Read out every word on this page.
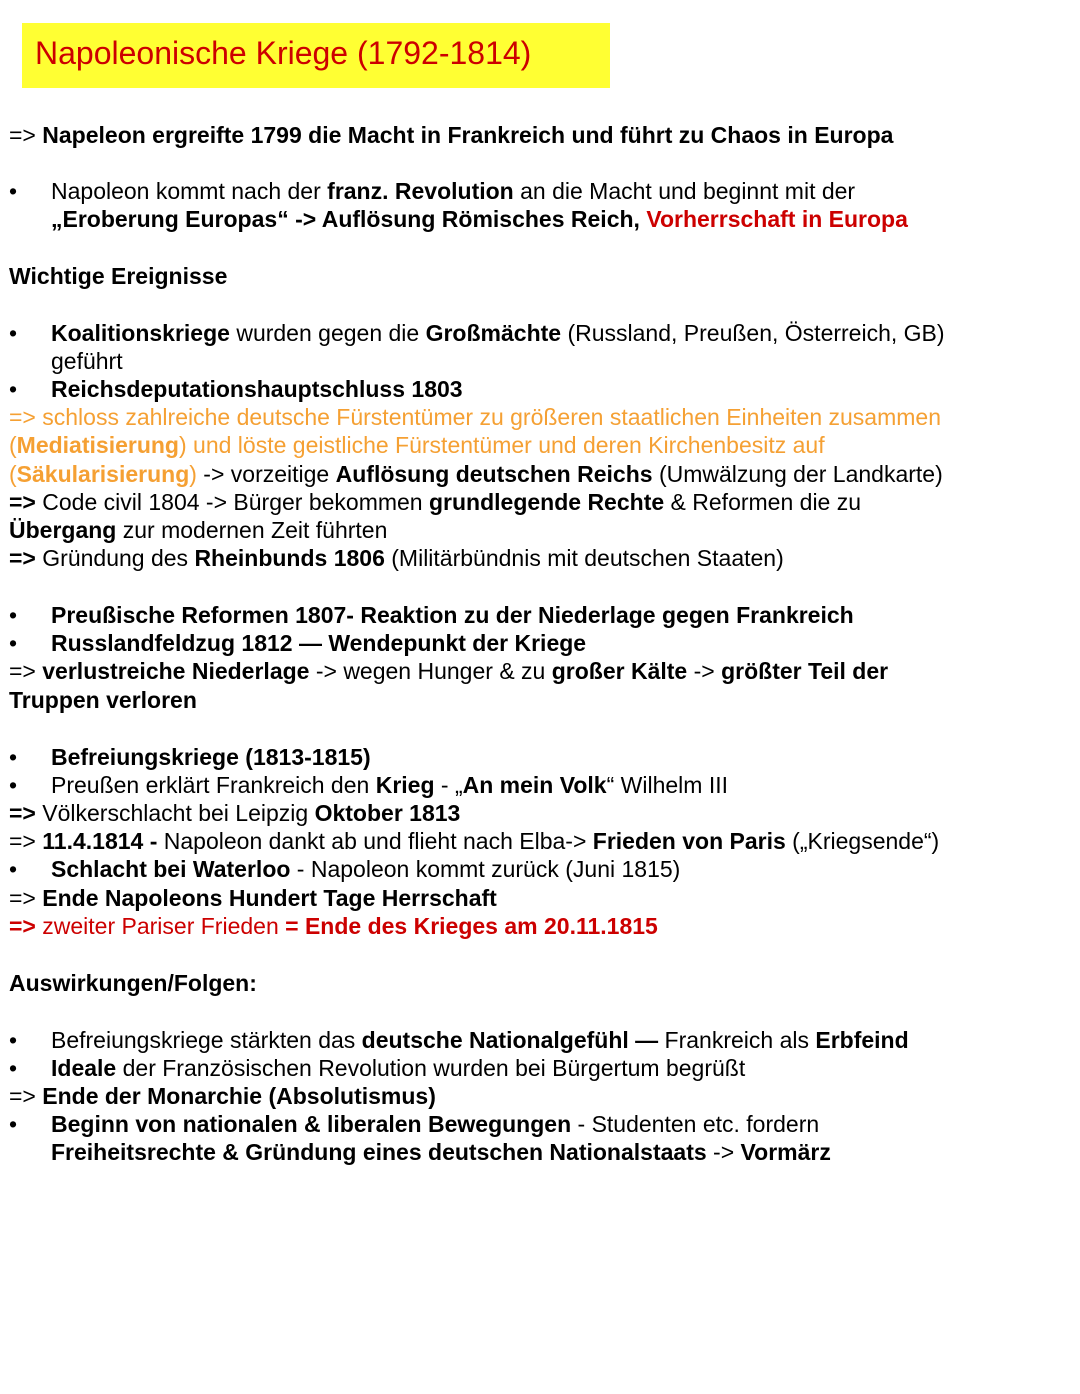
Napoleonische Kriege (1792-1814)
=> Napeleon ergreifte 1799 die Macht in Frankreich und führt zu Chaos in Europa
• Napoleon kommt nach der franz. Revolution an die Macht und beginnt mit der
„Eroberung Europas“ -> Auflösung Römisches Reich, Vorherrschaft in Europa
Wichtige Ereignisse
• Koalitionskriege wurden gegen die Großmächte (Russland, Preußen, Österreich, GB)
geführt
• Reichsdeputationshauptschluss 1803
=> schloss zahlreiche deutsche Fürstentümer zu größeren staatlichen Einheiten zusammen
(Mediatisierung) und löste geistliche Fürstentümer und deren Kirchenbesitz auf
(Säkularisierung) -> vorzeitige Auflösung deutschen Reichs (Umwälzung der Landkarte)
=> Code civil 1804 -> Bürger bekommen grundlegende Rechte & Reformen die zu
Übergang zur modernen Zeit führten
=> Gründung des Rheinbunds 1806 (Militärbündnis mit deutschen Staaten)
• Preußische Reformen 1807- Reaktion zu der Niederlage gegen Frankreich
• Russlandfeldzug 1812 — Wendepunkt der Kriege
=> verlustreiche Niederlage -> wegen Hunger & zu großer Kälte -> größter Teil der
Truppen verloren
• Befreiungskriege (1813-1815)
• Preußen erklärt Frankreich den Krieg - „An mein Volk“ Wilhelm III
=> Völkerschlacht bei Leipzig Oktober 1813
=> 11.4.1814 - Napoleon dankt ab und flieht nach Elba-> Frieden von Paris („Kriegsende“)
• Schlacht bei Waterloo - Napoleon kommt zurück (Juni 1815)
=> Ende Napoleons Hundert Tage Herrschaft
=> zweiter Pariser Frieden = Ende des Krieges am 20.11.1815
Auswirkungen/Folgen:
• Befreiungskriege stärkten das deutsche Nationalgefühl — Frankreich als Erbfeind
• Ideale der Französischen Revolution wurden bei Bürgertum begrüßt
=> Ende der Monarchie (Absolutismus)
• Beginn von nationalen & liberalen Bewegungen - Studenten etc. fordern
Freiheitsrechte & Gründung eines deutschen Nationalstaats -> Vormärz
